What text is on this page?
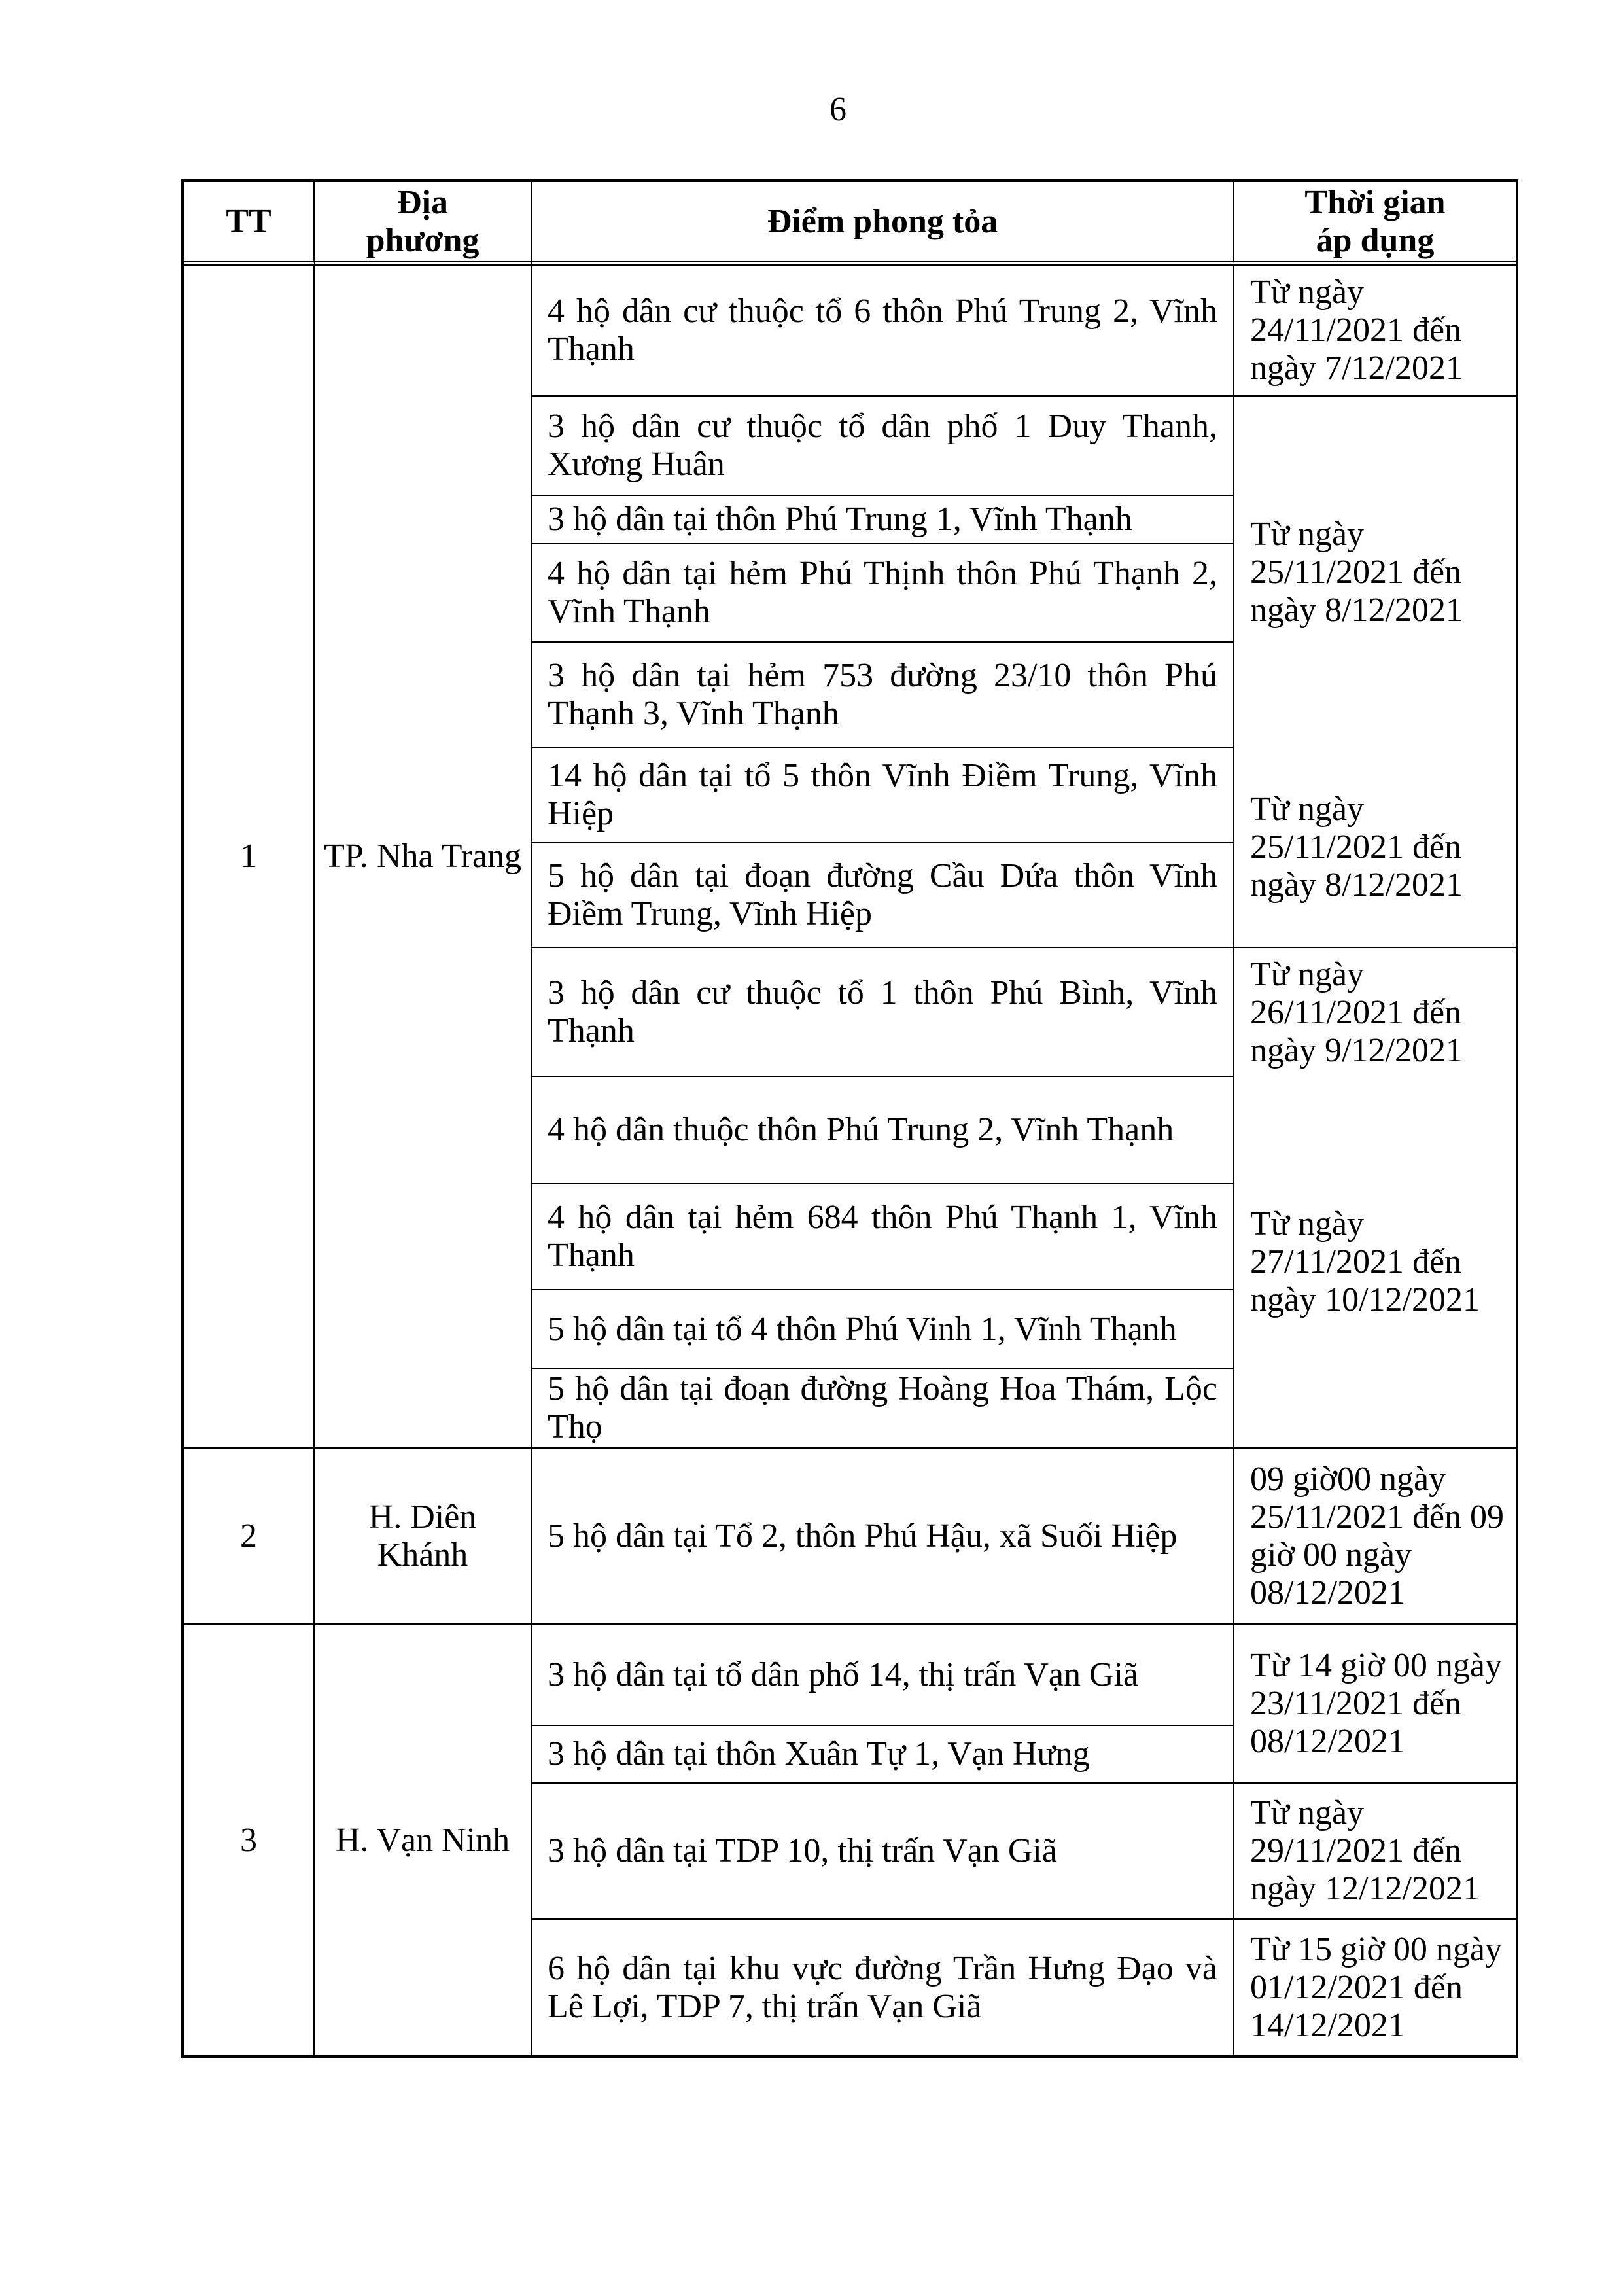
6
TT
Địa phương
Điểm phong tỏa
Thời gian áp dụng
1
2
3
TP. Nha Trang
H. Diên Khánh
H. Vạn Ninh
4 hộ dân cư thuộc tổ 6 thôn Phú Trung 2, Vĩnh Thạnh
3 hộ dân cư thuộc tổ dân phố 1 Duy Thanh, Xương Huân
3 hộ dân tại thôn Phú Trung 1, Vĩnh Thạnh
4 hộ dân tại hẻm Phú Thịnh thôn Phú Thạnh 2, Vĩnh Thạnh
3 hộ dân tại hẻm 753 đường 23/10 thôn Phú Thạnh 3, Vĩnh Thạnh
14 hộ dân tại tổ 5 thôn Vĩnh Điềm Trung, Vĩnh Hiệp
5 hộ dân tại đoạn đường Cầu Dứa thôn Vĩnh Điềm Trung, Vĩnh Hiệp
3 hộ dân cư thuộc tổ 1 thôn Phú Bình, Vĩnh Thạnh
4 hộ dân thuộc thôn Phú Trung 2, Vĩnh Thạnh
4 hộ dân tại hẻm 684 thôn Phú Thạnh 1, Vĩnh Thạnh
5 hộ dân tại tổ 4 thôn Phú Vinh 1, Vĩnh Thạnh
5 hộ dân tại đoạn đường Hoàng Hoa Thám, Lộc Thọ
5 hộ dân tại Tổ 2, thôn Phú Hậu, xã Suối Hiệp
3 hộ dân tại tổ dân phố 14, thị trấn Vạn Giã
3 hộ dân tại thôn Xuân Tự 1, Vạn Hưng
3 hộ dân tại TDP 10, thị trấn Vạn Giã
6 hộ dân tại khu vực đường Trần Hưng Đạo và Lê Lợi, TDP 7, thị trấn Vạn Giã
Từ ngày 24/11/2021 đến ngày 7/12/2021
Từ ngày 25/11/2021 đến ngày 8/12/2021
Từ ngày 25/11/2021 đến ngày 8/12/2021
Từ ngày 26/11/2021 đến ngày 9/12/2021
Từ ngày 27/11/2021 đến ngày 10/12/2021
09 giờ00 ngày 25/11/2021 đến 09 giờ 00 ngày 08/12/2021
Từ 14 giờ 00 ngày 23/11/2021 đến 08/12/2021
Từ ngày 29/11/2021 đến ngày 12/12/2021
Từ 15 giờ 00 ngày 01/12/2021 đến 14/12/2021
